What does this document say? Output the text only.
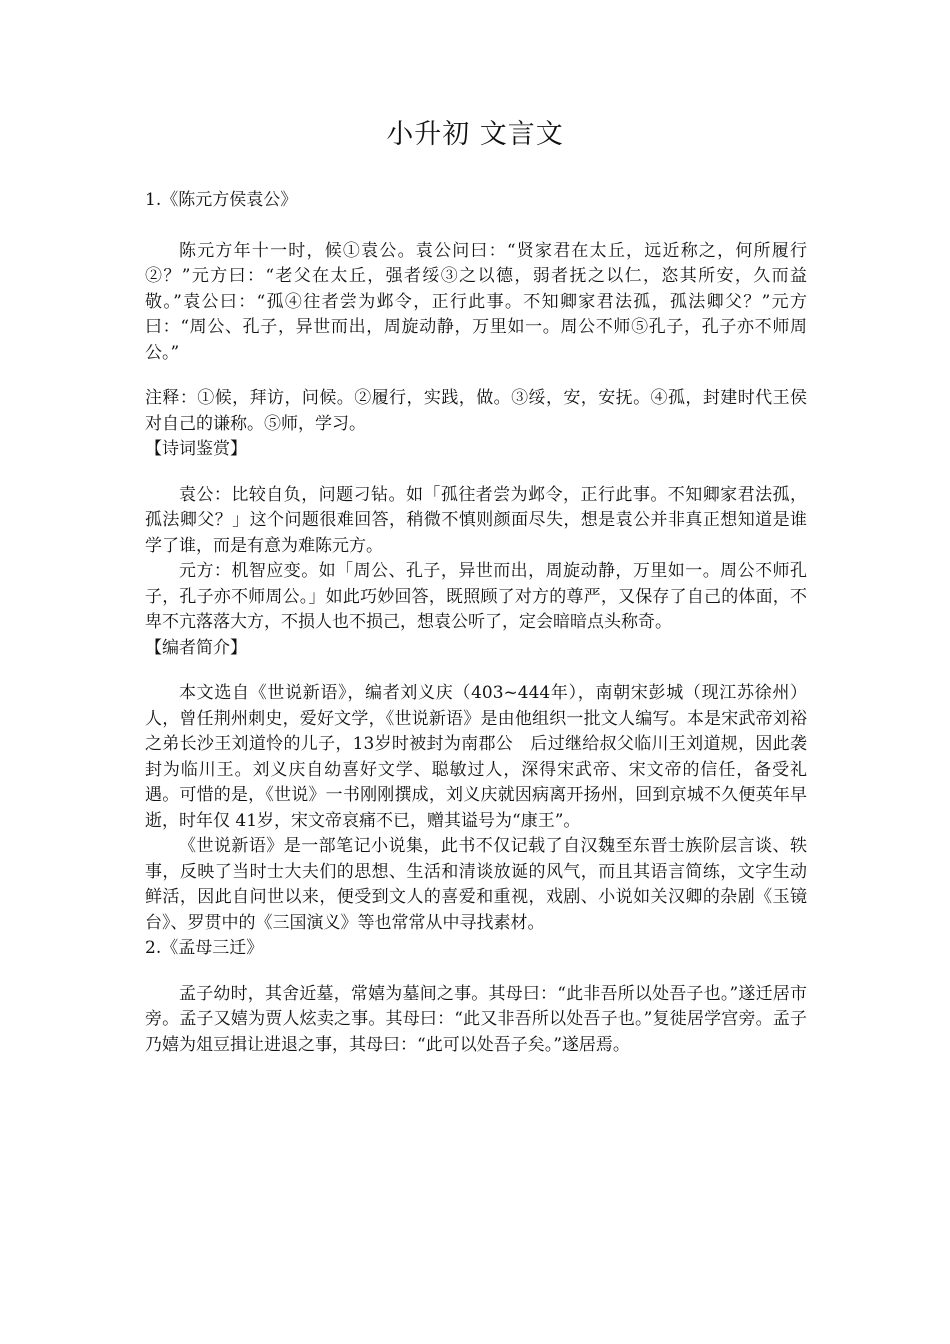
小升初 文言文

1.《陈元方侯袁公》

陈元方年十一时，候①袁公。袁公问曰：“贤家君在太丘，远近称之，何所履行②？”元方曰：“老父在太丘，强者绥③之以德，弱者抚之以仁，恣其所安，久而益敬。”袁公曰：“孤④往者尝为邺令，正行此事。不知卿家君法孤，孤法卿父？”元方曰：“周公、孔子，异世而出，周旋动静，万里如一。周公不师⑤孔子，孔子亦不师周公。”

注释：①候，拜访，问候。②履行，实践，做。③绥，安，安抚。④孤，封建时代王侯对自己的谦称。⑤师，学习。

【诗词鉴赏】

袁公：比较自负，问题刁钻。如「孤往者尝为邺令，正行此事。不知卿家君法孤，孤法卿父？」这个问题很难回答，稍微不慎则颜面尽失，想是袁公并非真正想知道是谁学了谁，而是有意为难陈元方。

元方：机智应变。如「周公、孔子，异世而出，周旋动静，万里如一。周公不师孔子，孔子亦不师周公。」如此巧妙回答，既照顾了对方的尊严，又保存了自己的体面，不卑不亢落落大方，不损人也不损己，想袁公听了，定会暗暗点头称奇。

【编者简介】

本文选自《世说新语》，编者刘义庆（403~444年），南朝宋彭城（现江苏徐州）人，曾任荆州刺史，爱好文学，《世说新语》是由他组织一批文人编写。本是宋武帝刘裕之弟长沙王刘道怜的儿子，13岁时被封为南郡公　后过继给叔父临川王刘道规，因此袭封为临川王。刘义庆自幼喜好文学、聪敏过人，深得宋武帝、宋文帝的信任，备受礼遇。可惜的是，《世说》一书刚刚撰成，刘义庆就因病离开扬州，回到京城不久便英年早逝，时年仅 41岁，宋文帝哀痛不已，赠其谥号为“康王”。

《世说新语》是一部笔记小说集，此书不仅记载了自汉魏至东晋士族阶层言谈、轶事，反映了当时士大夫们的思想、生活和清谈放诞的风气，而且其语言简练，文字生动鲜活，因此自问世以来，便受到文人的喜爱和重视，戏剧、小说如关汉卿的杂剧《玉镜台》、罗贯中的《三国演义》等也常常从中寻找素材。

2.《孟母三迁》

孟子幼时，其舍近墓，常嬉为墓间之事。其母曰：“此非吾所以处吾子也。”遂迁居市旁。孟子又嬉为贾人炫卖之事。其母曰：“此又非吾所以处吾子也。”复徙居学宫旁。孟子乃嬉为俎豆揖让进退之事，其母曰：“此可以处吾子矣。”遂居焉。
